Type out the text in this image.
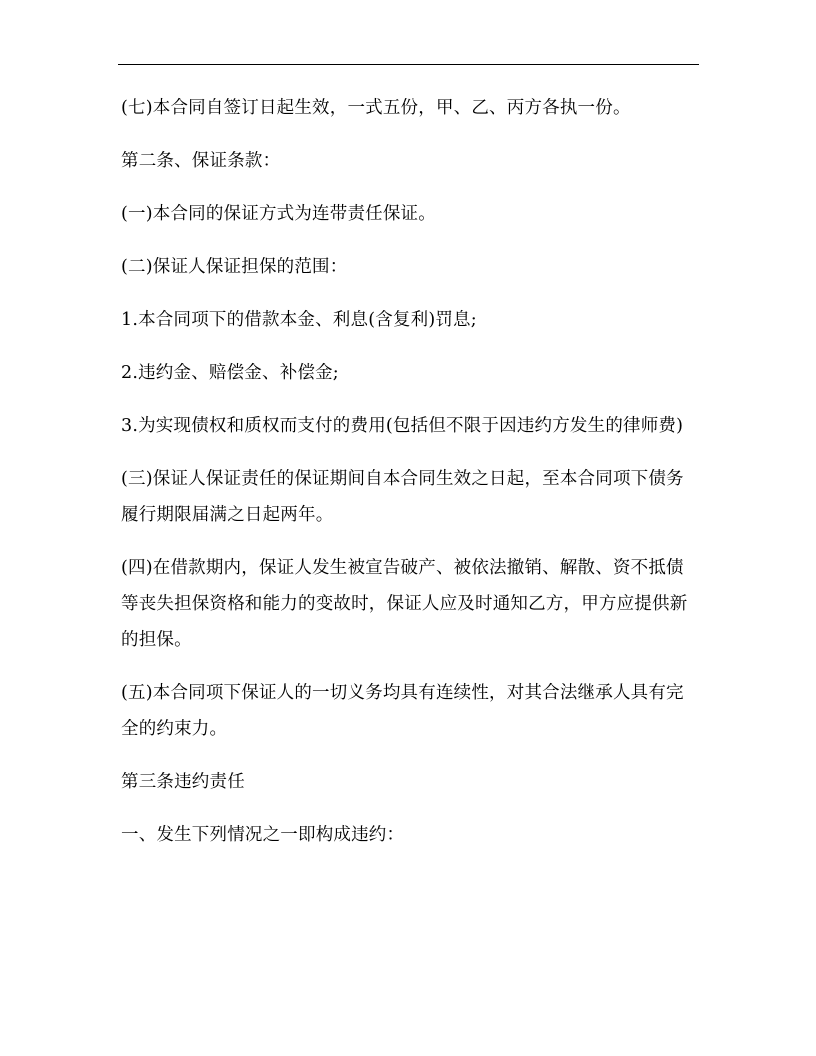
(七)本合同自签订日起生效，一式五份，甲、乙、丙方各执一份。

第二条、保证条款：

(一)本合同的保证方式为连带责任保证。

(二)保证人保证担保的范围：

1.本合同项下的借款本金、利息(含复利)罚息;

2.违约金、赔偿金、补偿金;

3.为实现债权和质权而支付的费用(包括但不限于因违约方发生的律师费)

(三)保证人保证责任的保证期间自本合同生效之日起，至本合同项下债务履行期限届满之日起两年。

(四)在借款期内，保证人发生被宣告破产、被依法撤销、解散、资不抵债等丧失担保资格和能力的变故时，保证人应及时通知乙方，甲方应提供新的担保。

(五)本合同项下保证人的一切义务均具有连续性，对其合法继承人具有完全的约束力。

第三条违约责任

一、发生下列情况之一即构成违约：
